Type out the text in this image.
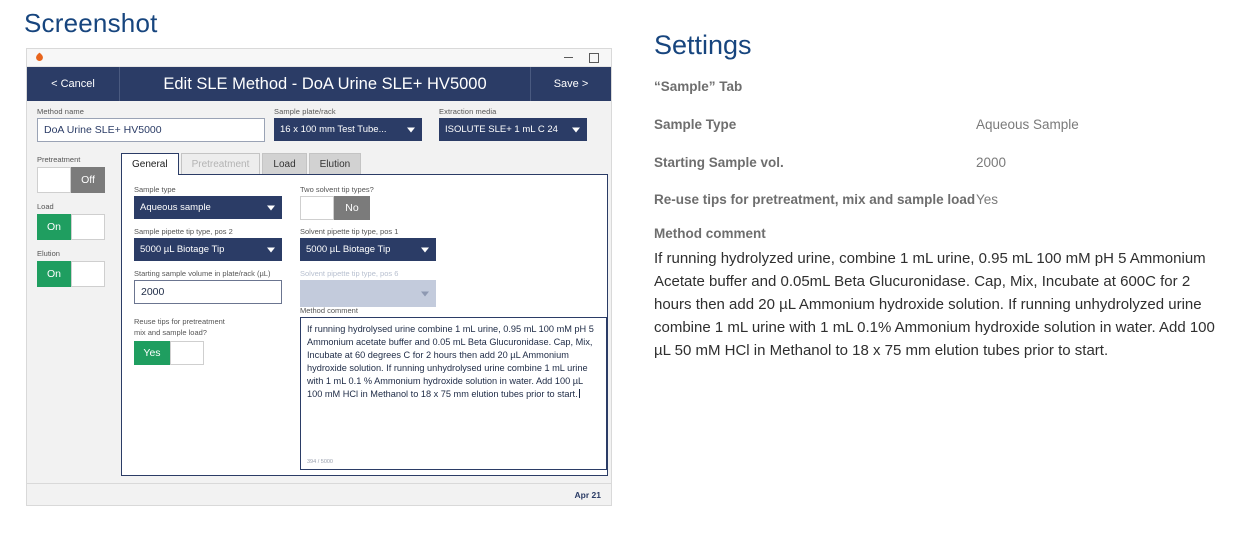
Screenshot
< Cancel	Edit SLE Method - DoA Urine SLE+ HV5000	Save >
Method name
DoA Urine SLE+ HV5000
Sample plate/rack
16 x 100 mm Test Tube...
Extraction media
ISOLUTE SLE+ 1 mL C 24
Pretreatment
Off
Load
On
Elution
On
General	Pretreatment	Load	Elution
Sample type
Aqueous sample
Sample pipette tip type, pos 2
5000 µL Biotage Tip
Starting sample volume in plate/rack (µL)
2000
Reuse tips for pretreatment
mix and sample load?
Yes
Two solvent tip types?
No
Solvent pipette tip type, pos 1
5000 µL Biotage Tip
Solvent pipette tip type, pos 6
Method comment
If running hydrolysed urine combine 1 mL urine, 0.95 mL 100 mM pH 5 Ammonium acetate buffer and 0.05 mL Beta Glucuronidase. Cap, Mix, Incubate at 60 degrees C for 2 hours then add 20 µL Ammonium hydroxide solution. If running unhydrolysed urine combine 1 mL urine with 1 mL 0.1 % Ammonium hydroxide solution in water. Add 100 µL 100 mM HCl in Methanol to 18 x 75 mm elution tubes prior to start.
394 / 5000
Apr 21
Settings
“Sample” Tab
Sample Type	Aqueous Sample
Starting Sample vol.	2000
Re-use tips for pretreatment, mix and sample load Yes
Method comment
If running hydrolyzed urine, combine 1 mL urine, 0.95 mL 100 mM pH 5 Ammonium Acetate buffer and 0.05mL Beta Glucuronidase. Cap, Mix, Incubate at 600C for 2 hours then add 20 µL Ammonium hydroxide solution. If running unhydrolyzed urine combine 1 mL urine with 1 mL 0.1% Ammonium hydroxide solution in water. Add 100 µL 50 mM HCl in Methanol to 18 x 75 mm elution tubes prior to start.
